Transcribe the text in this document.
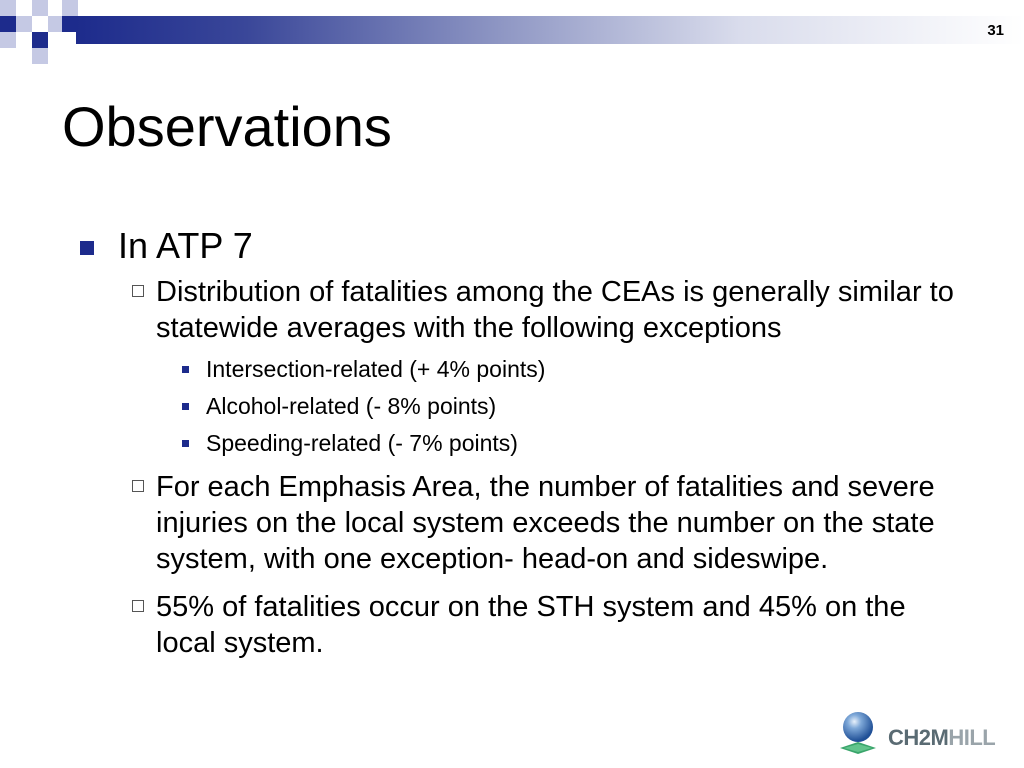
31
Observations
In ATP 7
Distribution of fatalities among the CEAs is generally similar to statewide averages with the following exceptions
Intersection-related (+ 4% points)
Alcohol-related (- 8% points)
Speeding-related (- 7% points)
For each Emphasis Area, the number of fatalities and severe injuries on the local system exceeds the number on the state system, with one exception- head-on and sideswipe.
55% of fatalities occur on the STH system and 45% on the local system.
CH2MHILL
